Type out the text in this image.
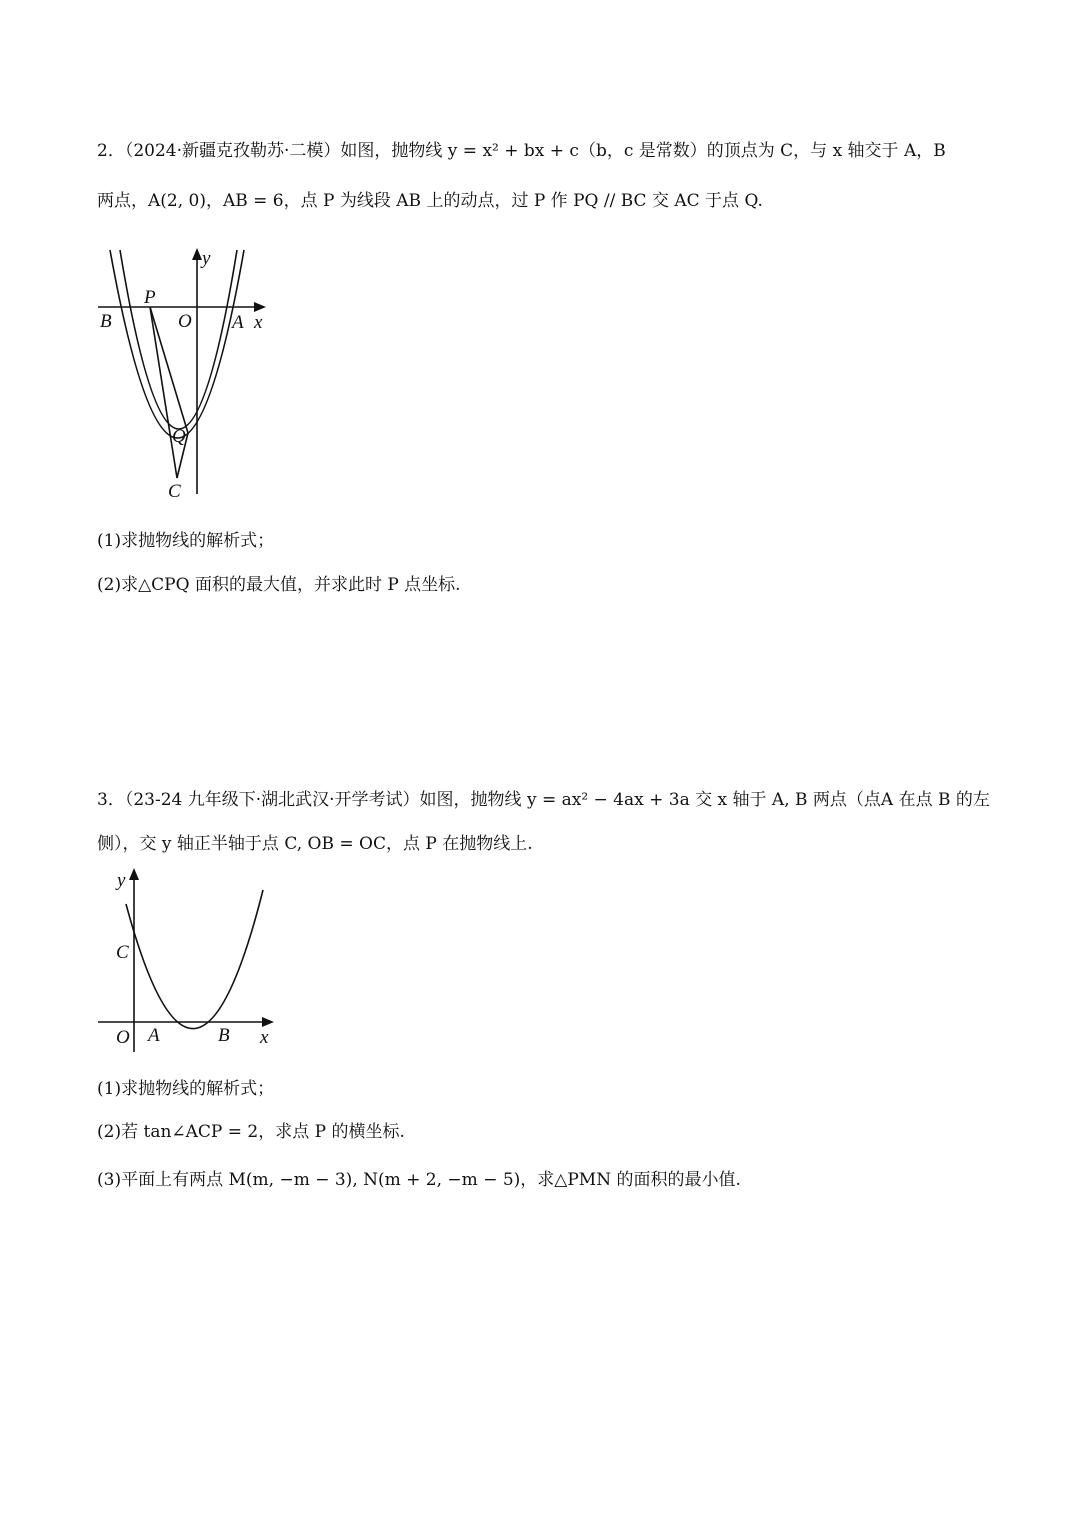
2．（2024·新疆克孜勒苏·二模）如图，抛物线 y = x² + bx + c（b，c 是常数）的顶点为 C，与 x 轴交于 A，B
两点，A(2, 0)，AB = 6，点 P 为线段 AB 上的动点，过 P 作 PQ // BC 交 AC 于点 Q.
y
x
B
P
O A
Q
C
(1)求抛物线的解析式；
(2)求△CPQ 面积的最大值，并求此时 P 点坐标.
3．（23-24 九年级下·湖北武汉·开学考试）如图，抛物线 y = ax² − 4ax + 3a 交 x 轴于 A, B 两点（点A 在点 B 的左
侧），交 y 轴正半轴于点 C, OB = OC，点 P 在抛物线上.
y
x
C
O A	B
(1)求抛物线的解析式；
(2)若 tan∠ACP = 2，求点 P 的横坐标.
(3)平面上有两点 M(m, −m − 3), N(m + 2, −m − 5)，求△PMN 的面积的最小值.
